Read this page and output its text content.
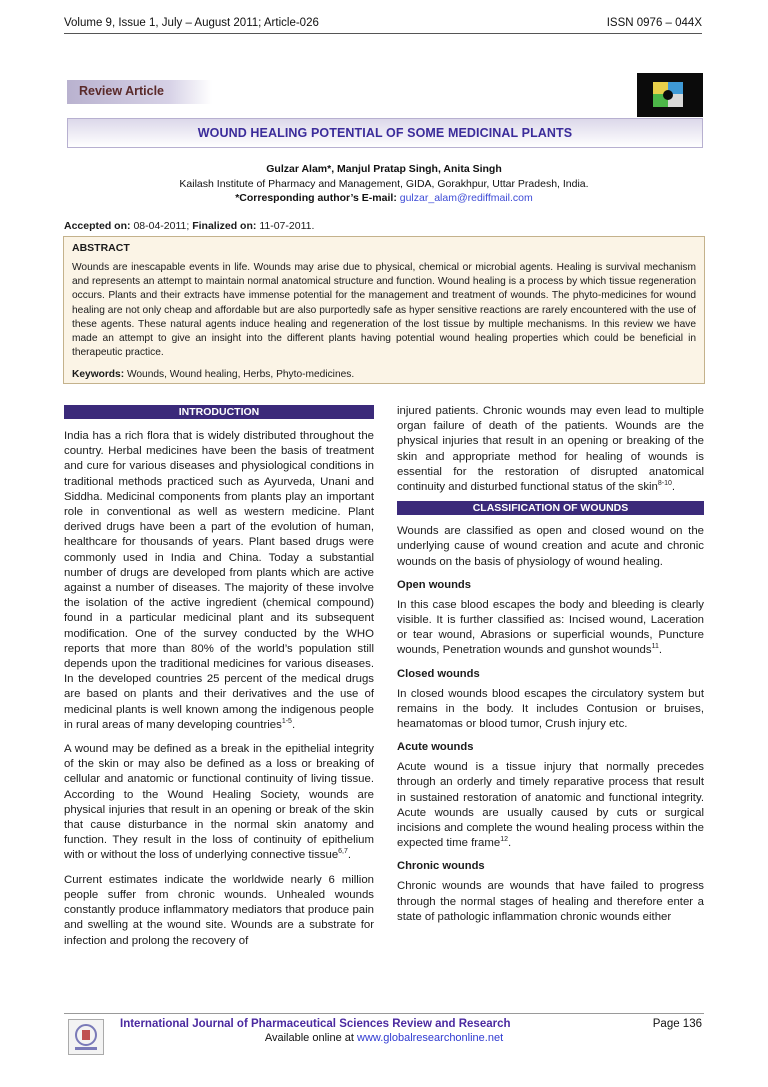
Volume 9, Issue 1, July – August 2011; Article-026	ISSN 0976 – 044X
Review Article
WOUND HEALING POTENTIAL OF SOME MEDICINAL PLANTS
Gulzar Alam*, Manjul Pratap Singh, Anita Singh
Kailash Institute of Pharmacy and Management, GIDA, Gorakhpur, Uttar Pradesh, India.
*Corresponding author’s E-mail: gulzar_alam@rediffmail.com
Accepted on: 08-04-2011; Finalized on: 11-07-2011.
ABSTRACT
Wounds are inescapable events in life. Wounds may arise due to physical, chemical or microbial agents. Healing is survival mechanism and represents an attempt to maintain normal anatomical structure and function. Wound healing is a process by which tissue regeneration occurs. Plants and their extracts have immense potential for the management and treatment of wounds. The phyto-medicines for wound healing are not only cheap and affordable but are also purportedly safe as hyper sensitive reactions are rarely encountered with the use of these agents. These natural agents induce healing and regeneration of the lost tissue by multiple mechanisms. In this review we have made an attempt to give an insight into the different plants having potential wound healing properties which could be beneficial in therapeutic practice.
Keywords: Wounds, Wound healing, Herbs, Phyto-medicines.
INTRODUCTION
India has a rich flora that is widely distributed throughout the country. Herbal medicines have been the basis of treatment and cure for various diseases and physiological conditions in traditional methods practiced such as Ayurveda, Unani and Siddha. Medicinal components from plants play an important role in conventional as well as western medicine. Plant derived drugs have been a part of the evolution of human, healthcare for thousands of years. Plant based drugs were commonly used in India and China. Today a substantial number of drugs are developed from plants which are active against a number of diseases. The majority of these involve the isolation of the active ingredient (chemical compound) found in a particular medicinal plant and its subsequent modification. One of the survey conducted by the WHO reports that more than 80% of the world’s population still depends upon the traditional medicines for various diseases. In the developed countries 25 percent of the medical drugs are based on plants and their derivatives and the use of medicinal plants is well known among the indigenous people in rural areas of many developing countries$^{1-5}$.
A wound may be defined as a break in the epithelial integrity of the skin or may also be defined as a loss or breaking of cellular and anatomic or functional continuity of living tissue. According to the Wound Healing Society, wounds are physical injuries that result in an opening or break of the skin that cause disturbance in the normal skin anatomy and function. They result in the loss of continuity of epithelium with or without the loss of underlying connective tissue$^{6,7}$.
Current estimates indicate the worldwide nearly 6 million people suffer from chronic wounds. Unhealed wounds constantly produce inflammatory mediators that produce pain and swelling at the wound site. Wounds are a substrate for infection and prolong the recovery of
injured patients. Chronic wounds may even lead to multiple organ failure of death of the patients. Wounds are the physical injuries that result in an opening or breaking of the skin and appropriate method for healing of wounds is essential for the restoration of disrupted anatomical continuity and disturbed functional status of the skin$^{8-10}$.
CLASSIFICATION OF WOUNDS
Wounds are classified as open and closed wound on the underlying cause of wound creation and acute and chronic wounds on the basis of physiology of wound healing.
Open wounds
In this case blood escapes the body and bleeding is clearly visible. It is further classified as: Incised wound, Laceration or tear wound, Abrasions or superficial wounds, Puncture wounds, Penetration wounds and gunshot wounds$^{11}$.
Closed wounds
In closed wounds blood escapes the circulatory system but remains in the body. It includes Contusion or bruises, heamatomas or blood tumor, Crush injury etc.
Acute wounds
Acute wound is a tissue injury that normally precedes through an orderly and timely reparative process that result in sustained restoration of anatomic and functional integrity. Acute wounds are usually caused by cuts or surgical incisions and complete the wound healing process within the expected time frame$^{12}$.
Chronic wounds
Chronic wounds are wounds that have failed to progress through the normal stages of healing and therefore enter a state of pathologic inflammation chronic wounds either
International Journal of Pharmaceutical Sciences Review and Research	Page 136
Available online at www.globalresearchonline.net
